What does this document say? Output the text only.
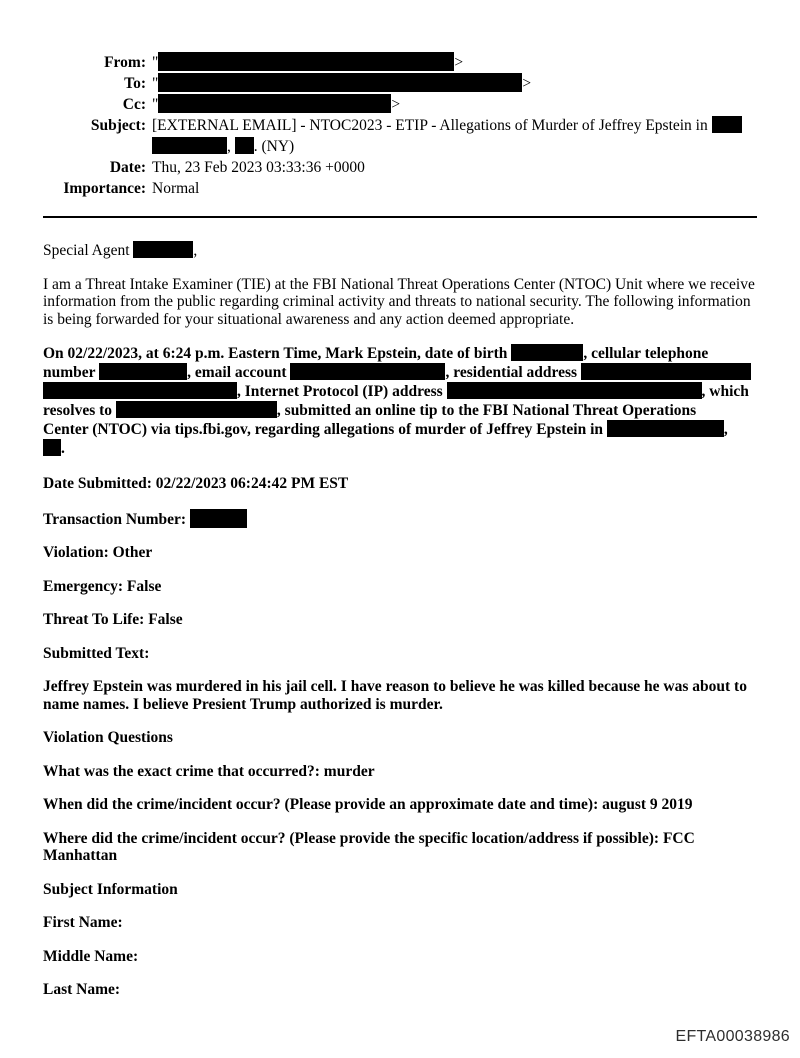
From: "	>
To: "	>
Cc: "	>
Subject: [EXTERNAL EMAIL] - NTOC2023 - ETIP - Allegations of Murder of Jeffrey Epstein in
, . (NY)
Date: Thu, 23 Feb 2023 03:33:36 +0000
Importance: Normal

Special Agent	,

I am a Threat Intake Examiner (TIE) at the FBI National Threat Operations Center (NTOC) Unit where we receive information from the public regarding criminal activity and threats to national security. The following information is being forwarded for your situational awareness and any action deemed appropriate.

On 02/22/2023, at 6:24 p.m. Eastern Time, Mark Epstein, date of birth	, cellular telephone
number	, email account	, residential address
, Internet Protocol (IP) address	, which
resolves to	, submitted an online tip to the FBI National Threat Operations
Center (NTOC) via tips.fbi.gov, regarding allegations of murder of Jeffrey Epstein in	,
.

Date Submitted: 02/22/2023 06:24:42 PM EST

Transaction Number:

Violation: Other

Emergency: False

Threat To Life: False

Submitted Text:

Jeffrey Epstein was murdered in his jail cell. I have reason to believe he was killed because he was about to name names. I believe Presient Trump authorized is murder.

Violation Questions

What was the exact crime that occurred?: murder

When did the crime/incident occur? (Please provide an approximate date and time): august 9 2019

Where did the crime/incident occur? (Please provide the specific location/address if possible): FCC Manhattan

Subject Information

First Name:

Middle Name:

Last Name:

EFTA00038986
